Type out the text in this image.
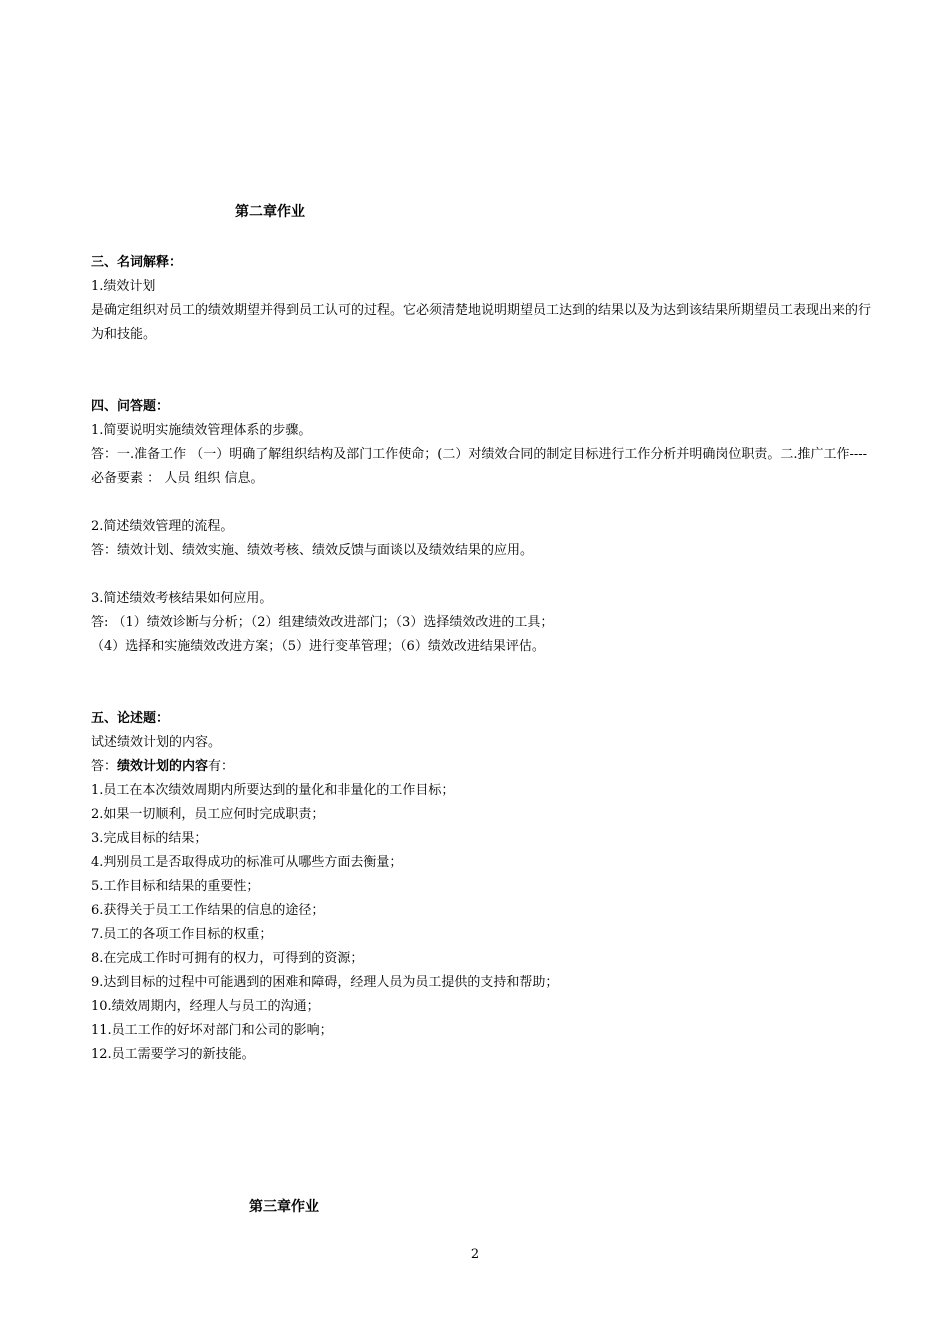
第二章作业

三、名词解释：

1.绩效计划

是确定组织对员工的绩效期望并得到员工认可的过程。它必须清楚地说明期望员工达到的结果以及为达到该结果所期望员工表现出来的行为和技能。

四、问答题：

1.简要说明实施绩效管理体系的步骤。

答：一.准备工作 （一）明确了解组织结构及部门工作使命；(二）对绩效合同的制定目标进行工作分析并明确岗位职责。二.推广工作----必备要素 ： 人员 组织 信息。

2.简述绩效管理的流程。

答：绩效计划、绩效实施、绩效考核、绩效反馈与面谈以及绩效结果的应用。

3.简述绩效考核结果如何应用。

答: （1）绩效诊断与分析；（2）组建绩效改进部门；（3）选择绩效改进的工具；

（4）选择和实施绩效改进方案；（5）进行变革管理；（6）绩效改进结果评估。

五、论述题：

试述绩效计划的内容。

答：绩效计划的内容有：

1.员工在本次绩效周期内所要达到的量化和非量化的工作目标；

2.如果一切顺利，员工应何时完成职责；

3.完成目标的结果；

4.判别员工是否取得成功的标准可从哪些方面去衡量；

5.工作目标和结果的重要性；

6.获得关于员工工作结果的信息的途径；

7.员工的各项工作目标的权重；

8.在完成工作时可拥有的权力，可得到的资源；

9.达到目标的过程中可能遇到的困难和障碍，经理人员为员工提供的支持和帮助；

10.绩效周期内，经理人与员工的沟通；

11.员工工作的好坏对部门和公司的影响；

12.员工需要学习的新技能。

第三章作业
2
